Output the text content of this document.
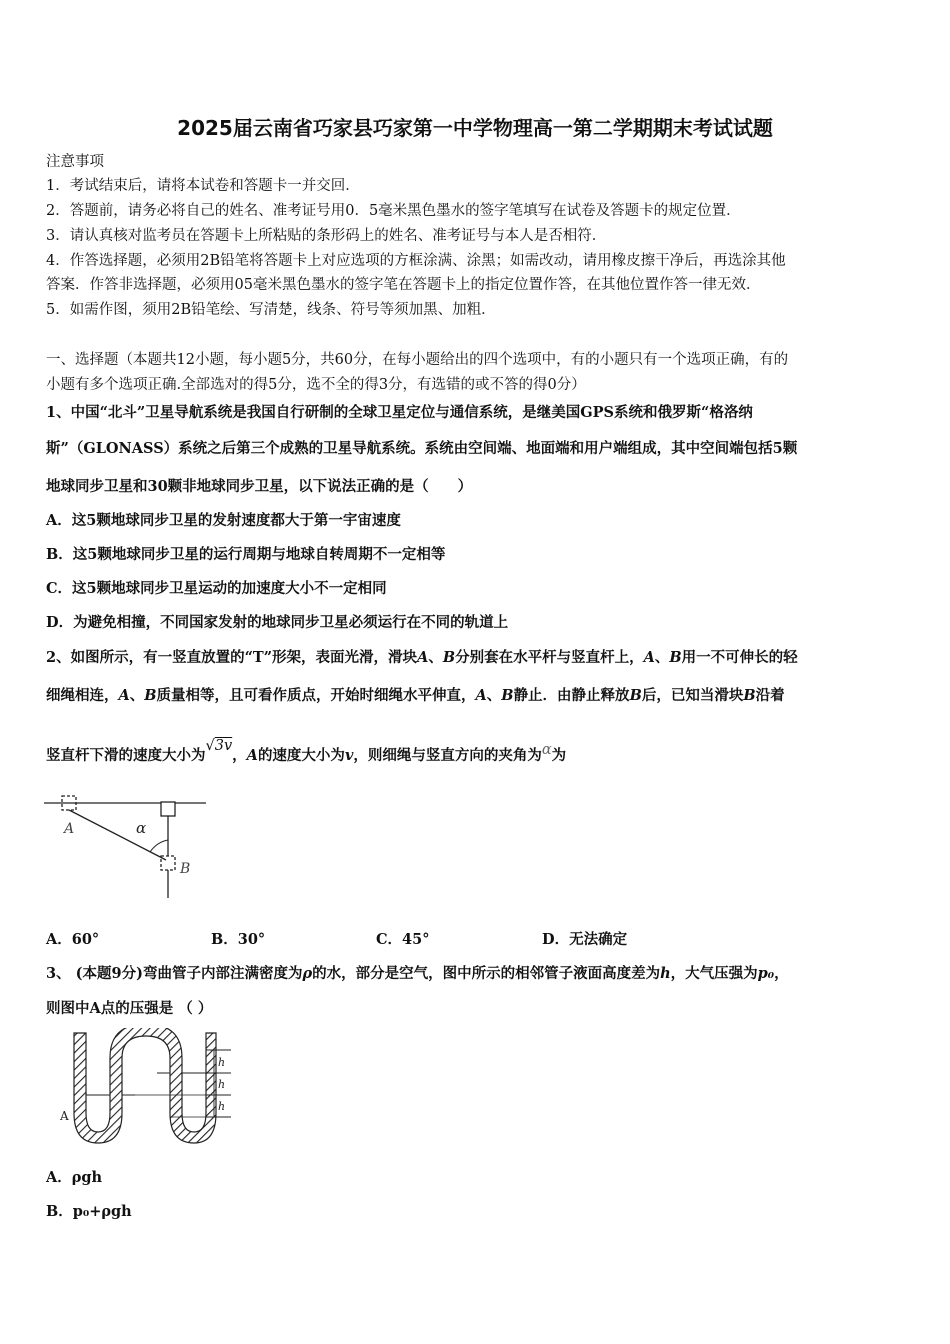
2025届云南省巧家县巧家第一中学物理高一第二学期期末考试试题
注意事项
1．考试结束后，请将本试卷和答题卡一并交回．
2．答题前，请务必将自己的姓名、准考证号用0．5毫米黑色墨水的签字笔填写在试卷及答题卡的规定位置．
3．请认真核对监考员在答题卡上所粘贴的条形码上的姓名、准考证号与本人是否相符．
4．作答选择题，必须用2B铅笔将答题卡上对应选项的方框涂满、涂黑；如需改动，请用橡皮擦干净后，再选涂其他
答案．作答非选择题，必须用05毫米黑色墨水的签字笔在答题卡上的指定位置作答，在其他位置作答一律无效．
5．如需作图，须用2B铅笔绘、写清楚，线条、符号等须加黑、加粗．
一、选择题（本题共12小题，每小题5分，共60分，在每小题给出的四个选项中，有的小题只有一个选项正确，有的
小题有多个选项正确.全部选对的得5分，选不全的得3分，有选错的或不答的得0分）
1、中国“北斗”卫星导航系统是我国自行研制的全球卫星定位与通信系统，是继美国GPS系统和俄罗斯“格洛纳
斯”（GLONASS）系统之后第三个成熟的卫星导航系统。系统由空间端、地面端和用户端组成，其中空间端包括5颗
地球同步卫星和30颗非地球同步卫星，以下说法正确的是（　　）
A．这5颗地球同步卫星的发射速度都大于第一宇宙速度
B．这5颗地球同步卫星的运行周期与地球自转周期不一定相等
C．这5颗地球同步卫星运动的加速度大小不一定相同
D．为避免相撞，不同国家发射的地球同步卫星必须运行在不同的轨道上
2、如图所示，有一竖直放置的“T”形架，表面光滑，滑块A、B分别套在水平杆与竖直杆上，A、B用一不可伸长的轻
细绳相连，A、B质量相等，且可看作质点，开始时细绳水平伸直，A、B静止．由静止释放B后，已知当滑块B沿着
竖直杆下滑的速度大小为√3v，A的速度大小为v，则细绳与竖直方向的夹角为α为
A	α
B
A．60°	B．30°	C．45°	D．无法确定
3、 (本题9分)弯曲管子内部注满密度为ρ的水，部分是空气，图中所示的相邻管子液面高度差为h，大气压强为p₀，
则图中A点的压强是 （ ）
h
h
h
A
A．ρgh
B．p₀+ρgh
